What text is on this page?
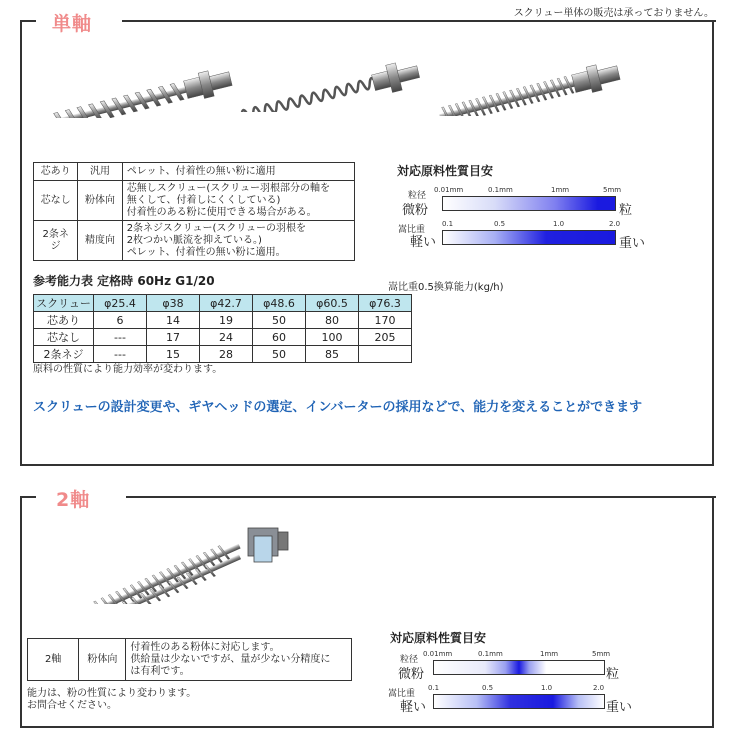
スクリュー単体の販売は承っておりません。
単軸
芯あり	汎用	ペレット、付着性の無い粉に適用
芯なし	粉体向	芯無しスクリュー(スクリュー羽根部分の軸を
無くして、付着しにくくしている)
付着性のある粉に使用できる場合がある。
2条ネジ	精度向	2条ネジスクリュー(スクリューの羽根を
2枚つかい脈流を抑えている。)
ペレット、付着性の無い粉に適用。
参考能力表 定格時 60Hz G1/20	嵩比重0.5換算能力(kg/h)
スクリュー	φ25.4	φ38	φ42.7	φ48.6	φ60.5	φ76.3
芯あり	6	14	19	50	80	170
芯なし	---	17	24	60	100	205
2条ネジ	---	15	28	50	85	
原料の性質により能力効率が変わります。
スクリューの設計変更や、ギヤヘッドの選定、インバーターの採用などで、能力を変えることができます
対応原料性質目安
粒径
微粉
0.01mm	0.1mm	1mm	5mm
粒
嵩比重
軽い
0.1	0.5	1.0	2.0
重い
2軸
2軸	粉体向	付着性のある粉体に対応します。
供給量は少ないですが、量が少ない分精度に
は有利です。
能力は、粉の性質により変わります。
お問合せください。
対応原料性質目安
粒径
微粉
0.01mm	0.1mm	1mm	5mm
粒
嵩比重
軽い
0.1	0.5	1.0	2.0
重い
